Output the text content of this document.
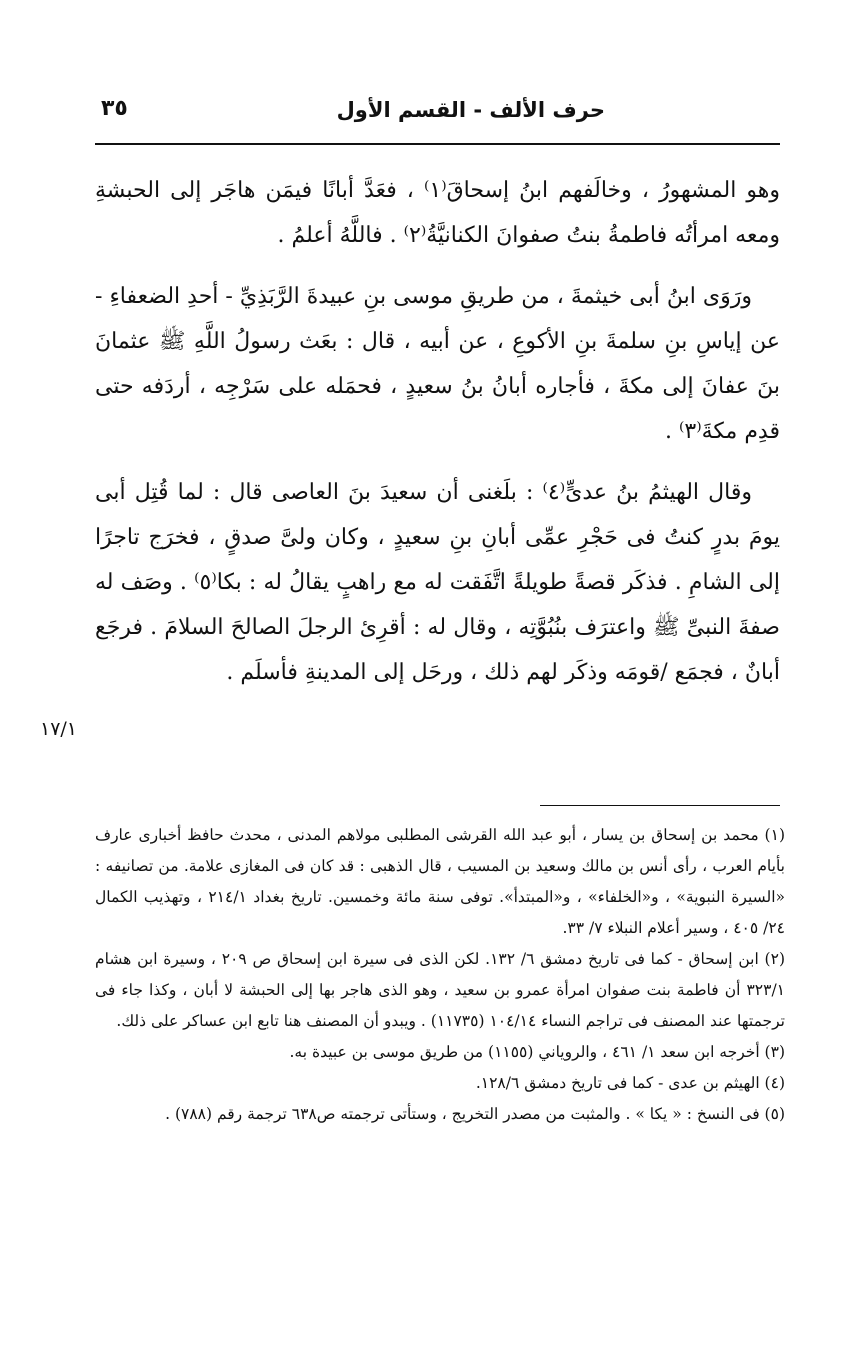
حرف الألف - القسم الأول
٣٥

وهو المشهورُ ، وخالَفهم ابنُ إسحاقَ⁽١⁾ ، فعَدَّ أبانًا فيمَن هاجَر إلى الحبشةِ ومعه امرأتُه فاطمةُ بنتُ صفوانَ الكنانيَّةُ⁽٢⁾ . فاللَّهُ أعلمُ .

ورَوَى ابنُ أبى خيثمةَ ، من طريقِ موسى بنِ عبيدةَ الرَّبَذِيِّ - أحدِ الضعفاءِ - عن إياسِ بنِ سلمةَ بنِ الأكوعِ ، عن أبيه ، قال : بعَث رسولُ اللَّهِ ﷺ عثمانَ بنَ عفانَ إلى مكةَ ، فأجاره أبانُ بنُ سعيدٍ ، فحمَله على سَرْجِه ، أردَفه حتى قدِم مكةَ⁽٣⁾ .

وقال الهيثمُ بنُ عدىٍّ⁽٤⁾ : بلَغنى أن سعيدَ بنَ العاصى قال : لما قُتِل أبى يومَ بدرٍ كنتُ فى حَجْرِ عمِّى أبانِ بنِ سعيدٍ ، وكان ولىَّ صدقٍ ، فخرَج تاجرًا إلى الشامِ . فذكَر قصةً طويلةً اتَّفَقت له مع راهبٍ يقالُ له : بكا⁽٥⁾ . وصَف له صفةَ النبىِّ ﷺ واعترَف بنُبُوَّتِه ، وقال له : أقرِئ الرجلَ الصالحَ السلامَ . فرجَع أبانٌ ، فجمَع /قومَه وذكَر لهم ذلك ، ورحَل إلى المدينةِ فأسلَم .

١٧/١

(١) محمد بن إسحاق بن يسار ، أبو عبد الله القرشى المطلبى مولاهم المدنى ، محدث حافظ أخبارى عارف بأيام العرب ، رأى أنس بن مالك وسعيد بن المسيب ، قال الذهبى : قد كان فى المغازى علامة. من تصانيفه : «السيرة النبوية» ، و«الخلفاء» ، و«المبتدأ». توفى سنة مائة وخمسين. تاريخ بغداد ٢١٤/١ ، وتهذيب الكمال ٢٤/ ٤٠٥ ، وسير أعلام النبلاء ٧/ ٣٣.

(٢) ابن إسحاق - كما فى تاريخ دمشق ٦/ ١٣٢. لكن الذى فى سيرة ابن إسحاق ص ٢٠٩ ، وسيرة ابن هشام ٣٢٣/١ أن فاطمة بنت صفوان امرأة عمرو بن سعيد ، وهو الذى هاجر بها إلى الحبشة لا أبان ، وكذا جاء فى ترجمتها عند المصنف فى تراجم النساء ١٠٤/١٤ (١١٧٣٥) . ويبدو أن المصنف هنا تابع ابن عساكر على ذلك.

(٣) أخرجه ابن سعد ١/ ٤٦١ ، والروياني (١١٥٥) من طريق موسى بن عبيدة به.

(٤) الهيثم بن عدى - كما فى تاريخ دمشق ١٢٨/٦.

(٥) فى النسخ : « يكا » . والمثبت من مصدر التخريج ، وستأتى ترجمته ص٦٣٨ ترجمة رقم (٧٨٨) .
